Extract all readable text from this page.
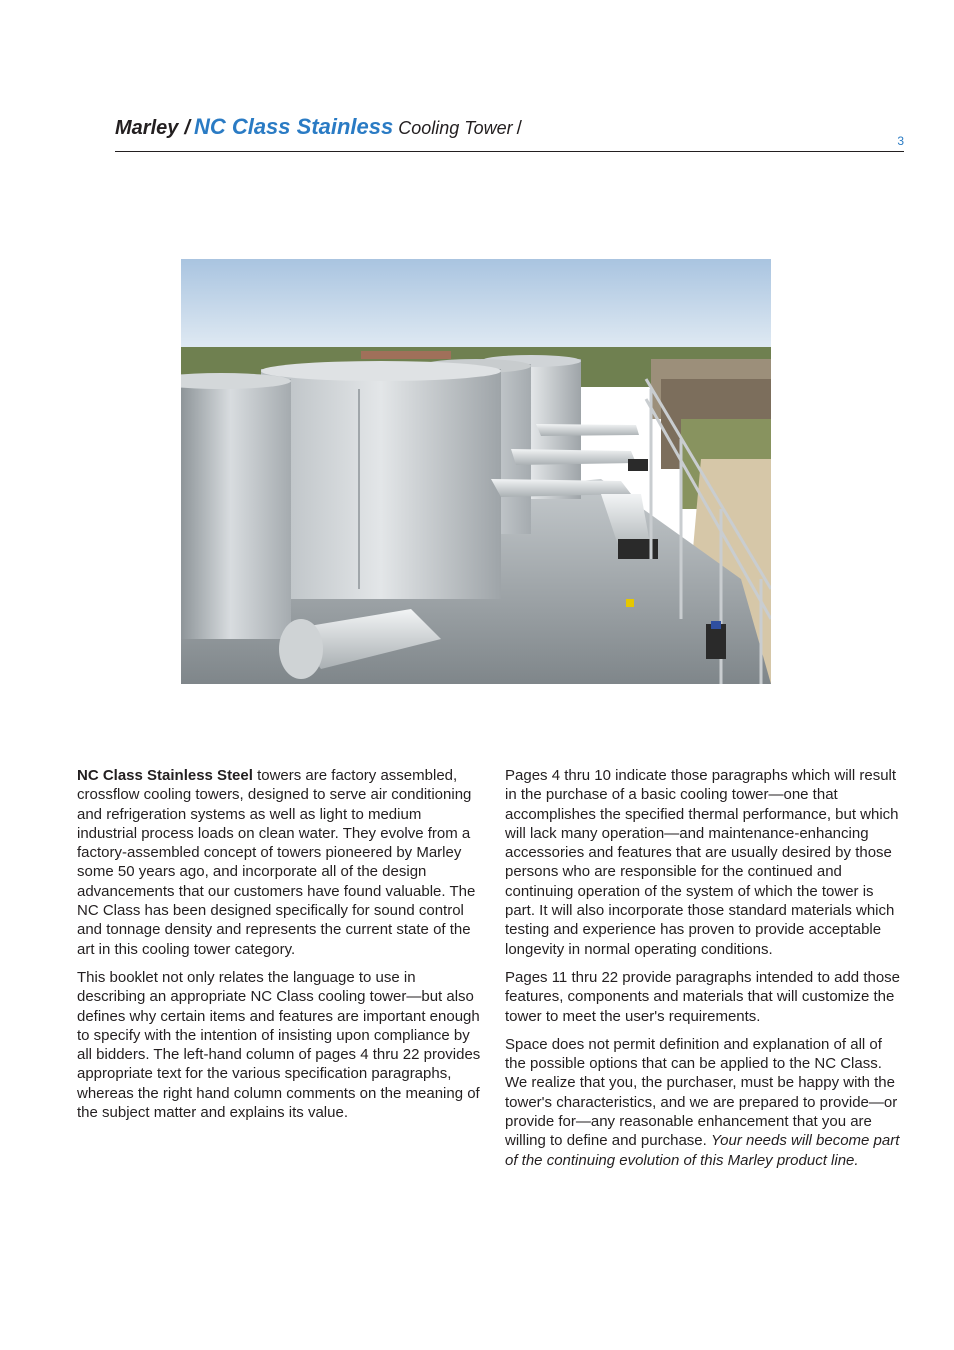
Marley / NC Class Stainless Cooling Tower /
3

NC Class Stainless Steel towers are factory assembled, crossflow cooling towers, designed to serve air conditioning and refrigeration systems as well as light to medium industrial process loads on clean water. They evolve from a factory-assembled concept of towers pioneered by Marley some 50 years ago, and incorporate all of the design advancements that our customers have found valuable. The NC Class has been designed specifically for sound control and tonnage density and represents the current state of the art in this cooling tower category.

This booklet not only relates the language to use in describing an appropriate NC Class cooling tower—but also defines why certain items and features are important enough to specify with the intention of insisting upon compliance by all bidders. The left-hand column of pages 4 thru 22 provides appropriate text for the various specification paragraphs, whereas the right hand column comments on the meaning of the subject matter and explains its value.

Pages 4 thru 10 indicate those paragraphs which will result in the purchase of a basic cooling tower—one that accomplishes the specified thermal performance, but which will lack many operation—and maintenance-enhancing accessories and features that are usually desired by those persons who are responsible for the continued and continuing operation of the system of which the tower is part. It will also incorporate those standard materials which testing and experience has proven to provide acceptable longevity in normal operating conditions.

Pages 11 thru 22 provide paragraphs intended to add those features, components and materials that will customize the tower to meet the user's requirements.

Space does not permit definition and explanation of all of the possible options that can be applied to the NC Class. We realize that you, the purchaser, must be happy with the tower's characteristics, and we are prepared to provide—or provide for—any reasonable enhancement that you are willing to define and purchase. Your needs will become part of the continuing evolution of this Marley product line.
